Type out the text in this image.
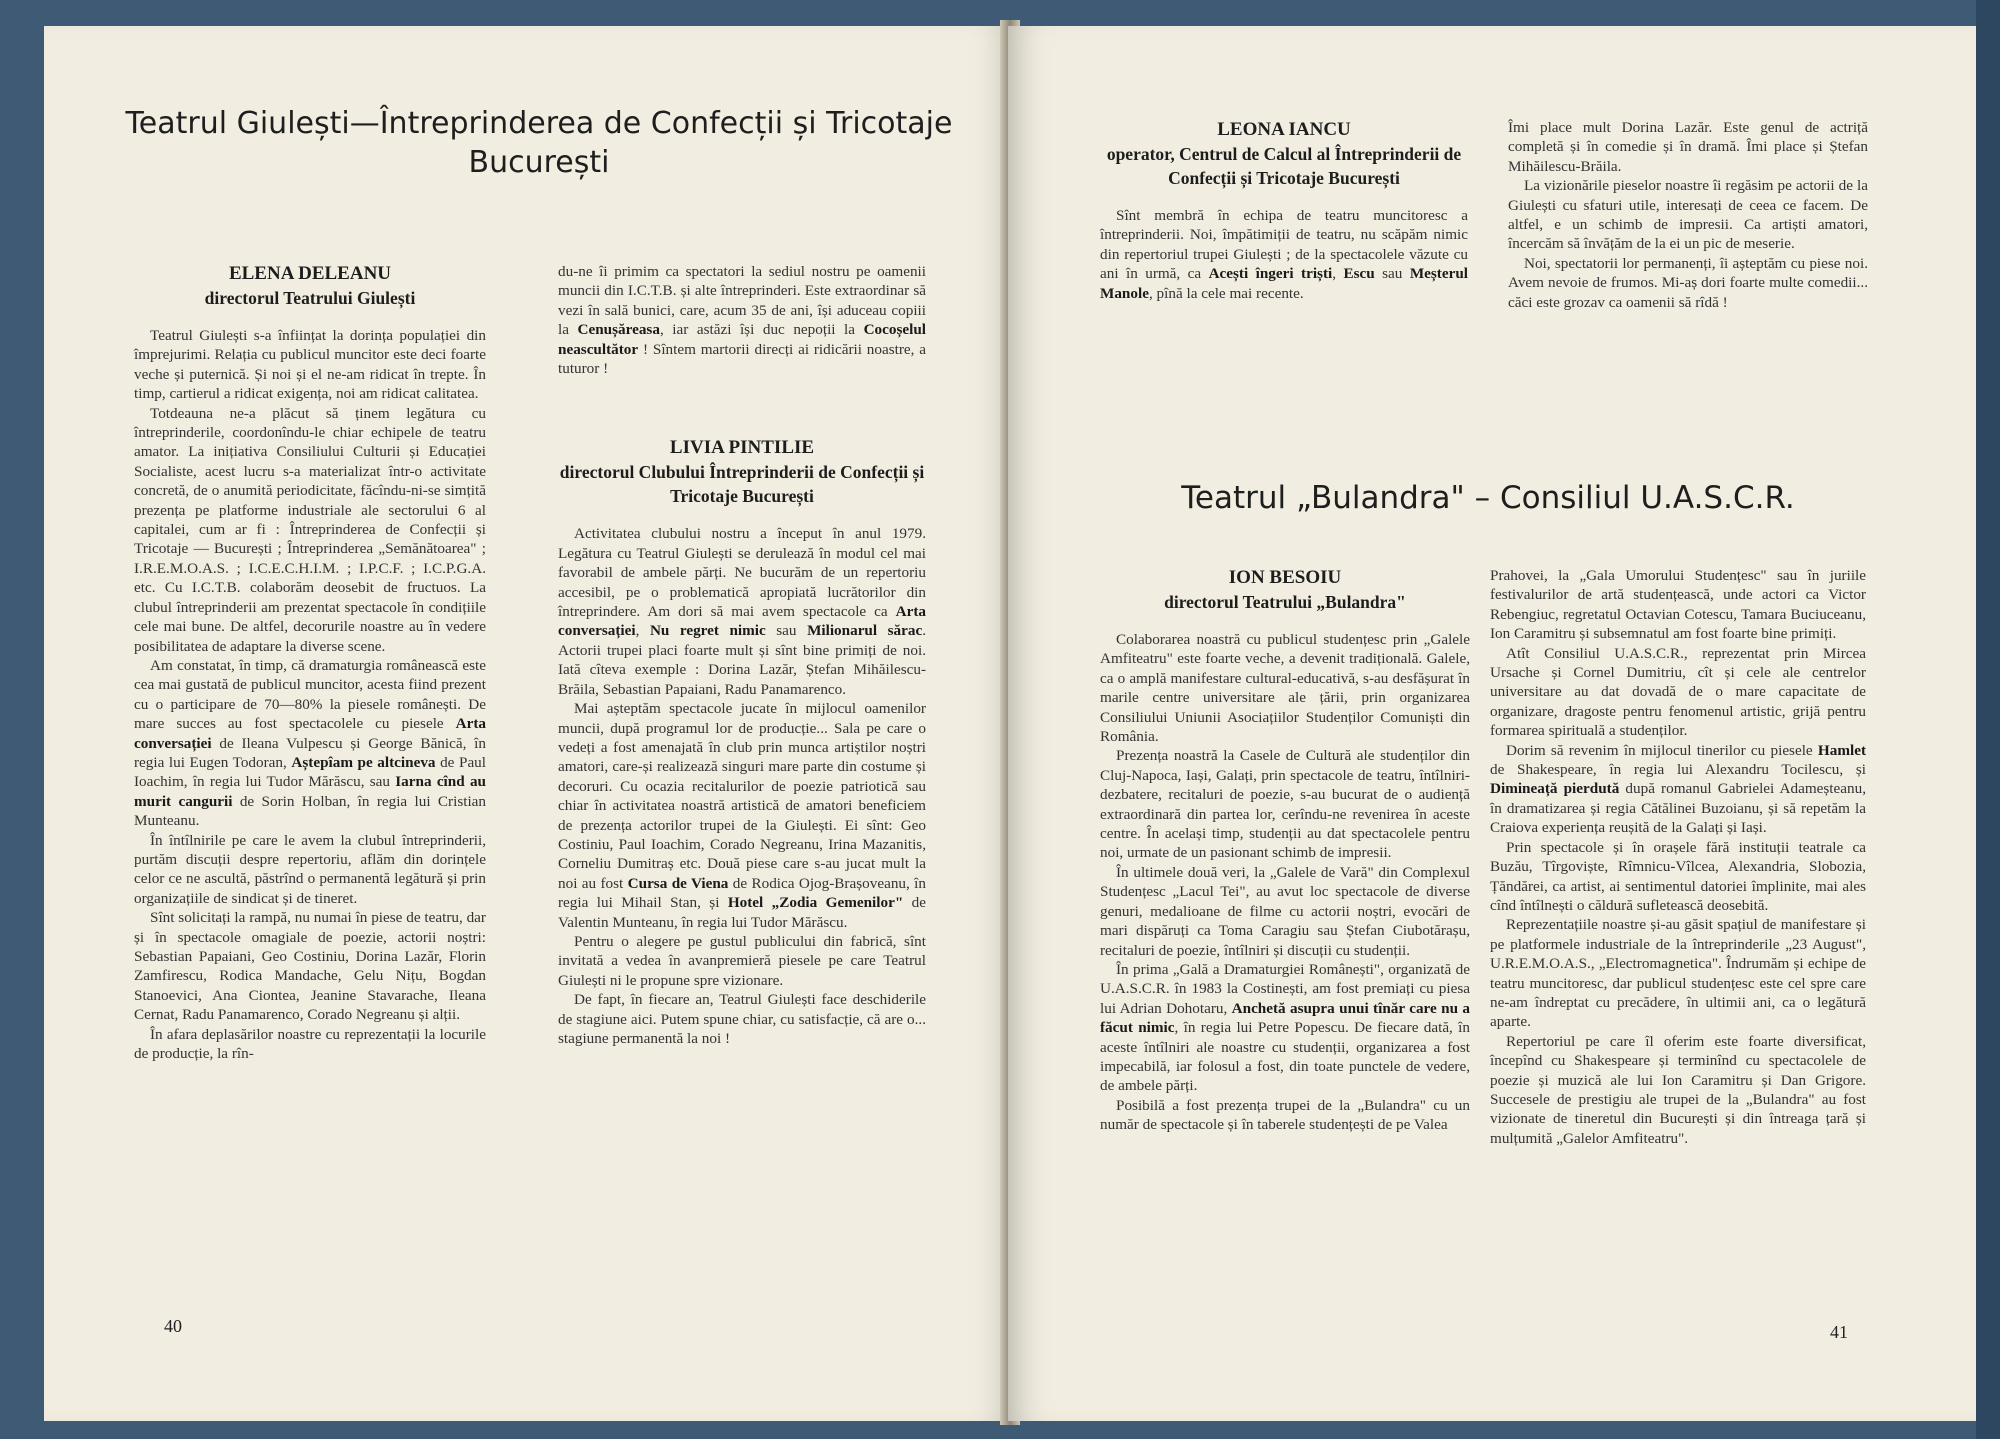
Teatrul Giulești—Întreprinderea de Confecții și Tricotaje
București
ELENA DELEANU
directorul Teatrului Giulești

Teatrul Giulești s-a înființat la dorința populației din împrejurimi. Relația cu publicul muncitor este deci foarte veche și puternică. Și noi și el ne-am ridicat în trepte. În timp, cartierul a ridicat exigența, noi am ridicat calitatea.

Totdeauna ne-a plăcut să ținem legătura cu întreprinderile, coordonîndu-le chiar echipele de teatru amator. La inițiativa Consiliului Culturii și Educației Socialiste, acest lucru s-a materializat într-o activitate concretă, de o anumită periodicitate, făcîndu-ni-se simțită prezența pe platforme industriale ale sectorului 6 al capitalei, cum ar fi : Întreprinderea de Confecții și Tricotaje — București ; Întreprinderea „Semănătoarea" ; I.R.E.M.O.A.S. ; I.C.E.C.H.I.M. ; I.P.C.F. ; I.C.P.G.A. etc. Cu I.C.T.B. colaborăm deosebit de fructuos. La clubul întreprinderii am prezentat spectacole în condițiile cele mai bune. De altfel, decorurile noastre au în vedere posibilitatea de adaptare la diverse scene.

Am constatat, în timp, că dramaturgia românească este cea mai gustată de publicul muncitor, acesta fiind prezent cu o participare de 70—80% la piesele românești. De mare succes au fost spectacolele cu piesele Arta conversației de Ileana Vulpescu și George Bănică, în regia lui Eugen Todoran, Aștepîam pe altcineva de Paul Ioachim, în regia lui Tudor Mărăscu, sau Iarna cînd au murit cangurii de Sorin Holban, în regia lui Cristian Munteanu.

În întîlnirile pe care le avem la clubul întreprinderii, purtăm discuții despre repertoriu, aflăm din dorințele celor ce ne ascultă, păstrînd o permanentă legătură și prin organizațiile de sindicat și de tineret.

Sînt solicitați la rampă, nu numai în piese de teatru, dar și în spectacole omagiale de poezie, actorii noștri: Sebastian Papaiani, Geo Costiniu, Dorina Lazăr, Florin Zamfirescu, Rodica Mandache, Gelu Nițu, Bogdan Stanoevici, Ana Ciontea, Jeanine Stavarache, Ileana Cernat, Radu Panamarenco, Corado Negreanu și alții.

În afara deplasărilor noastre cu reprezentații la locurile de producție, la rîn-

du-ne îi primim ca spectatori la sediul nostru pe oamenii muncii din I.C.T.B. și alte întreprinderi. Este extraordinar să vezi în sală bunici, care, acum 35 de ani, își aduceau copiii la Cenușăreasa, iar astăzi își duc nepoții la Cocoșelul neascultător ! Sîntem martorii direcți ai ridicării noastre, a tuturor !

LIVIA PINTILIE
directorul Clubului Întreprinderii de Confecții și Tricotaje București

Activitatea clubului nostru a început în anul 1979. Legătura cu Teatrul Giulești se derulează în modul cel mai favorabil de ambele părți. Ne bucurăm de un repertoriu accesibil, pe o problematică apropiată lucrătorilor din întreprindere. Am dori să mai avem spectacole ca Arta conversației, Nu regret nimic sau Milionarul sărac. Actorii trupei placi foarte mult și sînt bine primiți de noi. Iată cîteva exemple : Dorina Lazăr, Ștefan Mihăilescu-Brăila, Sebastian Papaiani, Radu Panamarenco.

Mai așteptăm spectacole jucate în mijlocul oamenilor muncii, după programul lor de producție... Sala pe care o vedeți a fost amenajată în club prin munca artiștilor noștri amatori, care-și realizează singuri mare parte din costume și decoruri. Cu ocazia recitalurilor de poezie patriotică sau chiar în activitatea noastră artistică de amatori beneficiem de prezența actorilor trupei de la Giulești. Ei sînt: Geo Costiniu, Paul Ioachim, Corado Negreanu, Irina Mazanitis, Corneliu Dumitraș etc. Două piese care s-au jucat mult la noi au fost Cursa de Viena de Rodica Ojog-Brașoveanu, în regia lui Mihail Stan, și Hotel „Zodia Gemenilor" de Valentin Munteanu, în regia lui Tudor Mărăscu.

Pentru o alegere pe gustul publicului din fabrică, sînt invitată a vedea în avanpremieră piesele pe care Teatrul Giulești ni le propune spre vizionare.

De fapt, în fiecare an, Teatrul Giulești face deschiderile de stagiune aici. Putem spune chiar, cu satisfacție, că are o... stagiune permanentă la noi !

40
LEONA IANCU
operator, Centrul de Calcul al Întreprinderii de Confecții și Tricotaje București

Sînt membră în echipa de teatru muncitoresc a întreprinderii. Noi, împătimiții de teatru, nu scăpăm nimic din repertoriul trupei Giulești ; de la spectacolele văzute cu ani în urmă, ca Acești îngeri triști, Escu sau Meșterul Manole, pînă la cele mai recente.

Îmi place mult Dorina Lazăr. Este genul de actriță completă și în comedie și în dramă. Îmi place și Ștefan Mihăilescu-Brăila.

La vizionările pieselor noastre îi regăsim pe actorii de la Giulești cu sfaturi utile, interesați de ceea ce facem. De altfel, e un schimb de impresii. Ca artiști amatori, încercăm să învățăm de la ei un pic de meserie.

Noi, spectatorii lor permanenți, îi așteptăm cu piese noi. Avem nevoie de frumos. Mi-aș dori foarte multe comedii... căci este grozav ca oamenii să rîdă !

Teatrul „Bulandra" – Consiliul U.A.S.C.R.
ION BESOIU
directorul Teatrului „Bulandra"

Colaborarea noastră cu publicul studențesc prin „Galele Amfiteatru" este foarte veche, a devenit tradițională. Galele, ca o amplă manifestare cultural-educativă, s-au desfășurat în marile centre universitare ale țării, prin organizarea Consiliului Uniunii Asociațiilor Studenților Comuniști din România.

Prezența noastră la Casele de Cultură ale studenților din Cluj-Napoca, Iași, Galați, prin spectacole de teatru, întîlniri-dezbatere, recitaluri de poezie, s-au bucurat de o audiență extraordinară din partea lor, cerîndu-ne revenirea în aceste centre. În același timp, studenții au dat spectacolele pentru noi, urmate de un pasionant schimb de impresii.

În ultimele două veri, la „Galele de Vară" din Complexul Studențesc „Lacul Tei", au avut loc spectacole de diverse genuri, medalioane de filme cu actorii noștri, evocări de mari dispăruți ca Toma Caragiu sau Ștefan Ciubotărașu, recitaluri de poezie, întîlniri și discuții cu studenții.

În prima „Gală a Dramaturgiei Românești", organizată de U.A.S.C.R. în 1983 la Costinești, am fost premiați cu piesa lui Adrian Dohotaru, Anchetă asupra unui tînăr care nu a făcut nimic, în regia lui Petre Popescu. De fiecare dată, în aceste întîlniri ale noastre cu studenții, organizarea a fost impecabilă, iar folosul a fost, din toate punctele de vedere, de ambele părți.

Posibilă a fost prezența trupei de la „Bulandra" cu un număr de spectacole și în taberele studențești de pe Valea

Prahovei, la „Gala Umorului Studențesc" sau în juriile festivalurilor de artă studențească, unde actori ca Victor Rebengiuc, regretatul Octavian Cotescu, Tamara Buciuceanu, Ion Caramitru și subsemnatul am fost foarte bine primiți.

Atît Consiliul U.A.S.C.R., reprezentat prin Mircea Ursache și Cornel Dumitriu, cît și cele ale centrelor universitare au dat dovadă de o mare capacitate de organizare, dragoste pentru fenomenul artistic, grijă pentru formarea spirituală a studenților.

Dorim să revenim în mijlocul tinerilor cu piesele Hamlet de Shakespeare, în regia lui Alexandru Tocilescu, și Dimineață pierdută după romanul Gabrielei Adameșteanu, în dramatizarea și regia Cătălinei Buzoianu, și să repetăm la Craiova experiența reușită de la Galați și Iași.

Prin spectacole și în orașele fără instituții teatrale ca Buzău, Tîrgoviște, Rîmnicu-Vîlcea, Alexandria, Slobozia, Țăndărei, ca artist, ai sentimentul datoriei împlinite, mai ales cînd întîlnești o căldură sufletească deosebită.

Reprezentațiile noastre și-au găsit spațiul de manifestare și pe platformele industriale de la întreprinderile „23 August", U.R.E.M.O.A.S., „Electromagnetica". Îndrumăm și echipe de teatru muncitoresc, dar publicul studențesc este cel spre care ne-am îndreptat cu precădere, în ultimii ani, ca o legătură aparte.

Repertoriul pe care îl oferim este foarte diversificat, începînd cu Shakespeare și terminînd cu spectacolele de poezie și muzică ale lui Ion Caramitru și Dan Grigore. Succesele de prestigiu ale trupei de la „Bulandra" au fost vizionate de tineretul din București și din întreaga țară și mulțumită „Galelor Amfiteatru".

41
